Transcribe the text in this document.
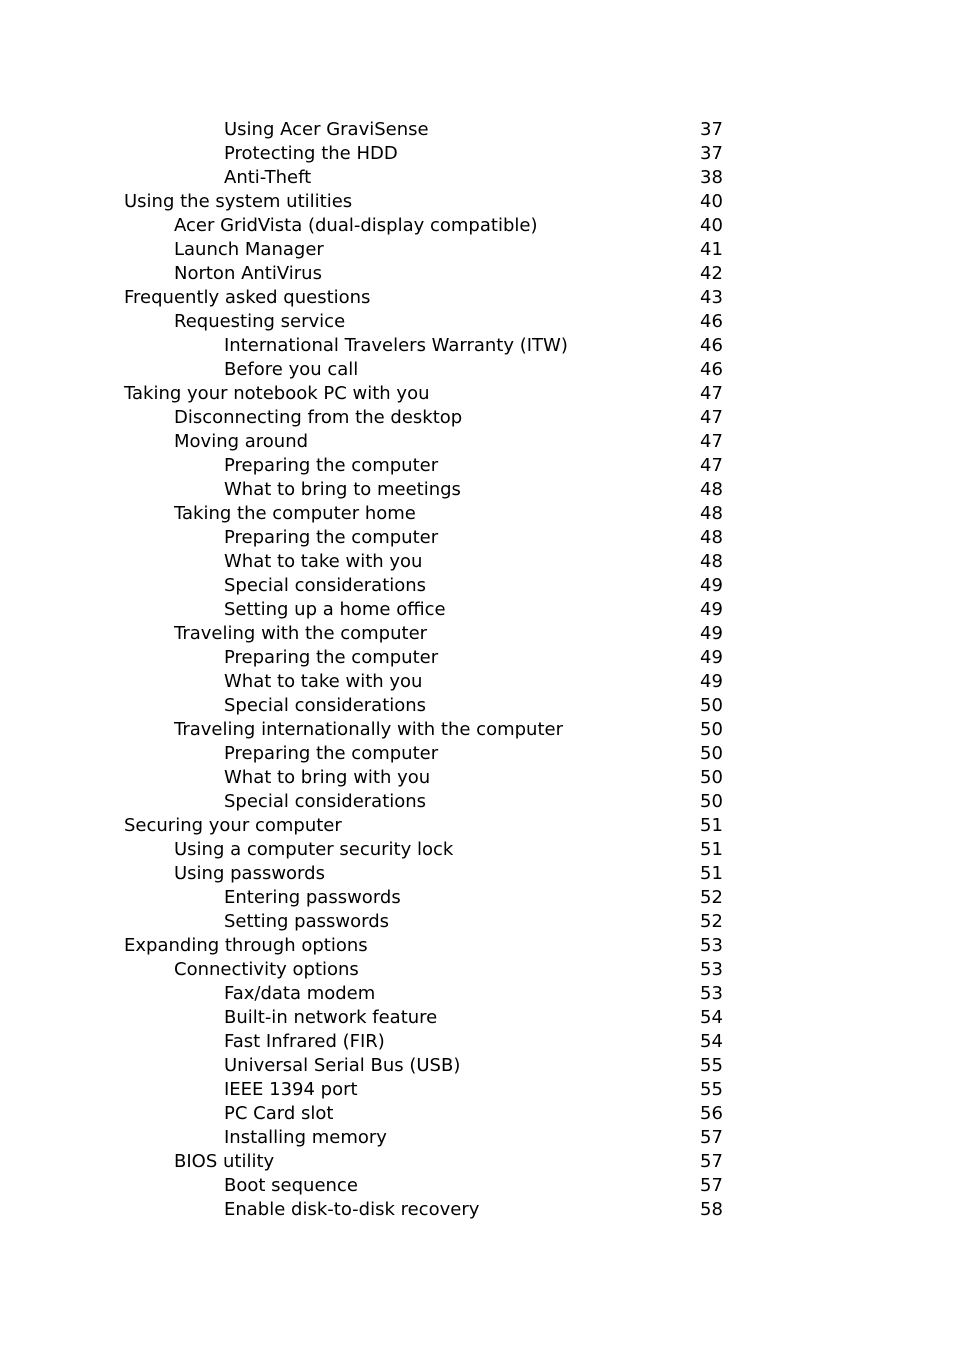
Using Acer GraviSense	37
Protecting the HDD	37
Anti-Theft	38
Using the system utilities	40
Acer GridVista (dual-display compatible)	40
Launch Manager	41
Norton AntiVirus	42
Frequently asked questions	43
Requesting service	46
International Travelers Warranty (ITW)	46
Before you call	46
Taking your notebook PC with you	47
Disconnecting from the desktop	47
Moving around	47
Preparing the computer	47
What to bring to meetings	48
Taking the computer home	48
Preparing the computer	48
What to take with you	48
Special considerations	49
Setting up a home office	49
Traveling with the computer	49
Preparing the computer	49
What to take with you	49
Special considerations	50
Traveling internationally with the computer	50
Preparing the computer	50
What to bring with you	50
Special considerations	50
Securing your computer	51
Using a computer security lock	51
Using passwords	51
Entering passwords	52
Setting passwords	52
Expanding through options	53
Connectivity options	53
Fax/data modem	53
Built-in network feature	54
Fast Infrared (FIR)	54
Universal Serial Bus (USB)	55
IEEE 1394 port	55
PC Card slot	56
Installing memory	57
BIOS utility	57
Boot sequence	57
Enable disk-to-disk recovery	58
